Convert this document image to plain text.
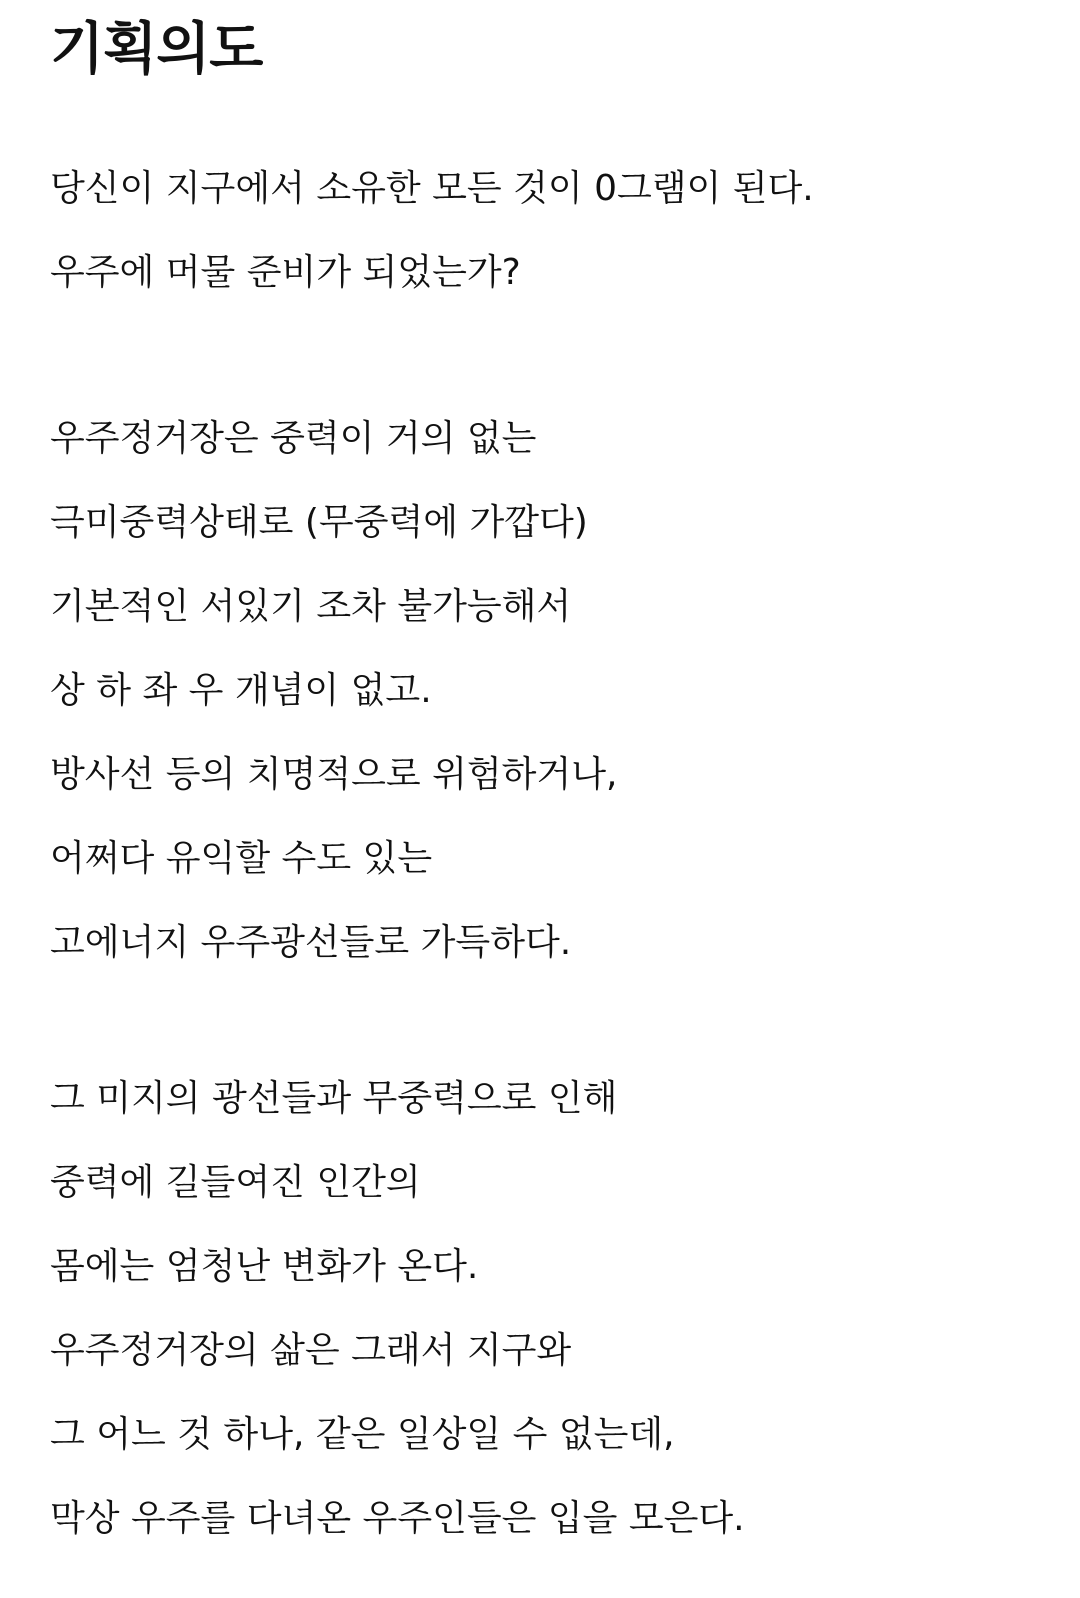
기획의도
당신이 지구에서 소유한 모든 것이 0그램이 된다.
우주에 머물 준비가 되었는가?
우주정거장은 중력이 거의 없는
극미중력상태로 (무중력에 가깝다)
기본적인 서있기 조차 불가능해서
상 하 좌 우 개념이 없고.
방사선 등의 치명적으로 위험하거나,
어쩌다 유익할 수도 있는
고에너지 우주광선들로 가득하다.
그 미지의 광선들과 무중력으로 인해
중력에 길들여진 인간의
몸에는 엄청난 변화가 온다.
우주정거장의 삶은 그래서 지구와
그 어느 것 하나, 같은 일상일 수 없는데,
막상 우주를 다녀온 우주인들은 입을 모은다.
